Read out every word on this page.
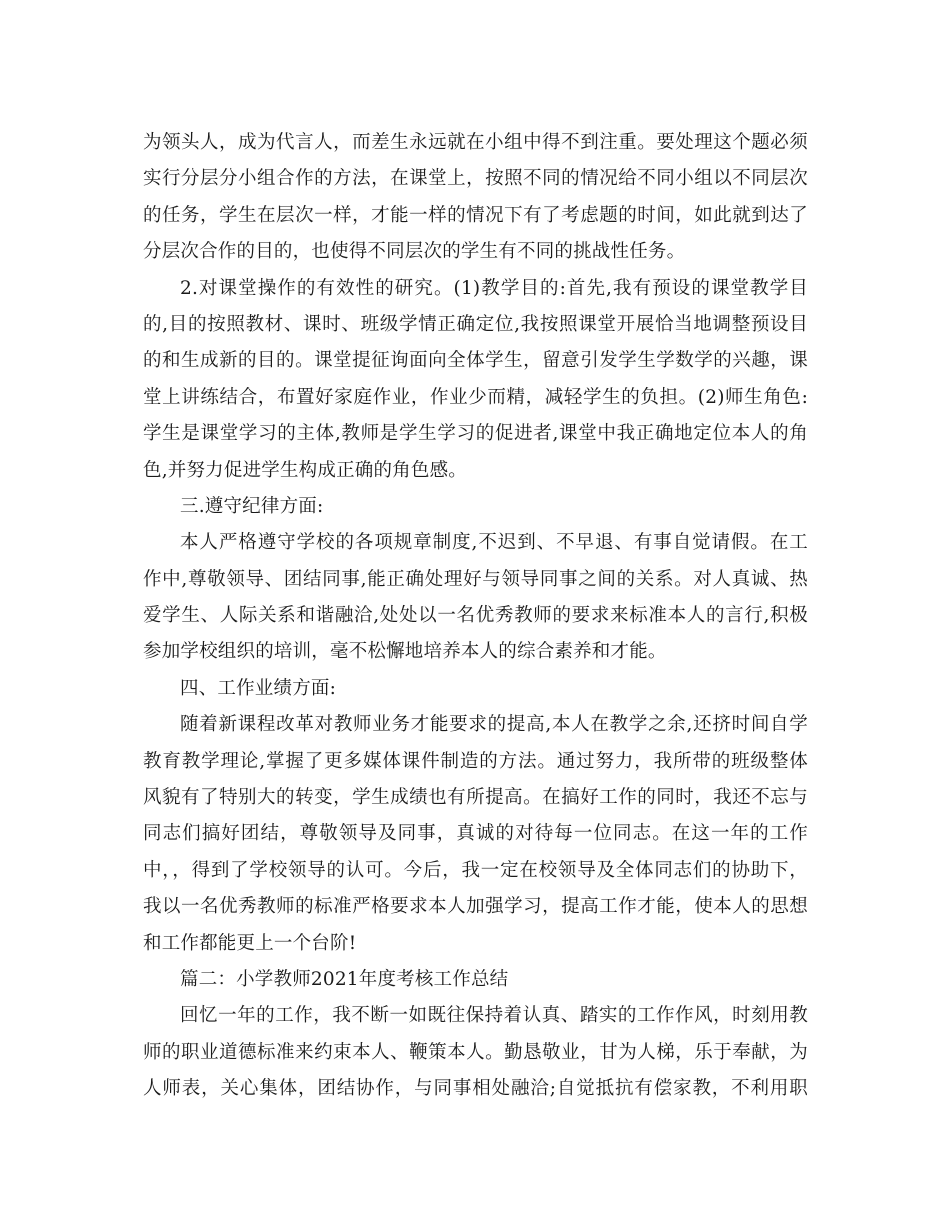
为领头人，成为代言人，而差生永远就在小组中得不到注重。要处理这个题必须
实行分层分小组合作的方法，在课堂上，按照不同的情况给不同小组以不同层次
的任务，学生在层次一样，才能一样的情况下有了考虑题的时间，如此就到达了
分层次合作的目的，也使得不同层次的学生有不同的挑战性任务。
2.对课堂操作的有效性的研究。(1)教学目的:首先,我有预设的课堂教学目
的,目的按照教材、课时、班级学情正确定位,我按照课堂开展恰当地调整预设目
的和生成新的目的。课堂提征询面向全体学生，留意引发学生学数学的兴趣，课
堂上讲练结合，布置好家庭作业，作业少而精，减轻学生的负担。(2)师生角色:
学生是课堂学习的主体,教师是学生学习的促进者,课堂中我正确地定位本人的角
色,并努力促进学生构成正确的角色感。
三.遵守纪律方面:
本人严格遵守学校的各项规章制度,不迟到、不早退、有事自觉请假。在工
作中,尊敬领导、团结同事,能正确处理好与领导同事之间的关系。对人真诚、热
爱学生、人际关系和谐融洽,处处以一名优秀教师的要求来标准本人的言行,积极
参加学校组织的培训，毫不松懈地培养本人的综合素养和才能。
四、工作业绩方面:
随着新课程改革对教师业务才能要求的提高,本人在教学之余,还挤时间自学
教育教学理论,掌握了更多媒体课件制造的方法。通过努力，我所带的班级整体
风貌有了特别大的转变，学生成绩也有所提高。在搞好工作的同时，我还不忘与
同志们搞好团结，尊敬领导及同事，真诚的对待每一位同志。在这一年的工作
中，，得到了学校领导的认可。今后，我一定在校领导及全体同志们的协助下，
我以一名优秀教师的标准严格要求本人加强学习，提高工作才能，使本人的思想
和工作都能更上一个台阶!
篇二：小学教师2021年度考核工作总结
回忆一年的工作，我不断一如既往保持着认真、踏实的工作作风，时刻用教
师的职业道德标准来约束本人、鞭策本人。勤恳敬业，甘为人梯，乐于奉献，为
人师表，关心集体，团结协作，与同事相处融洽;自觉抵抗有偿家教，不利用职
